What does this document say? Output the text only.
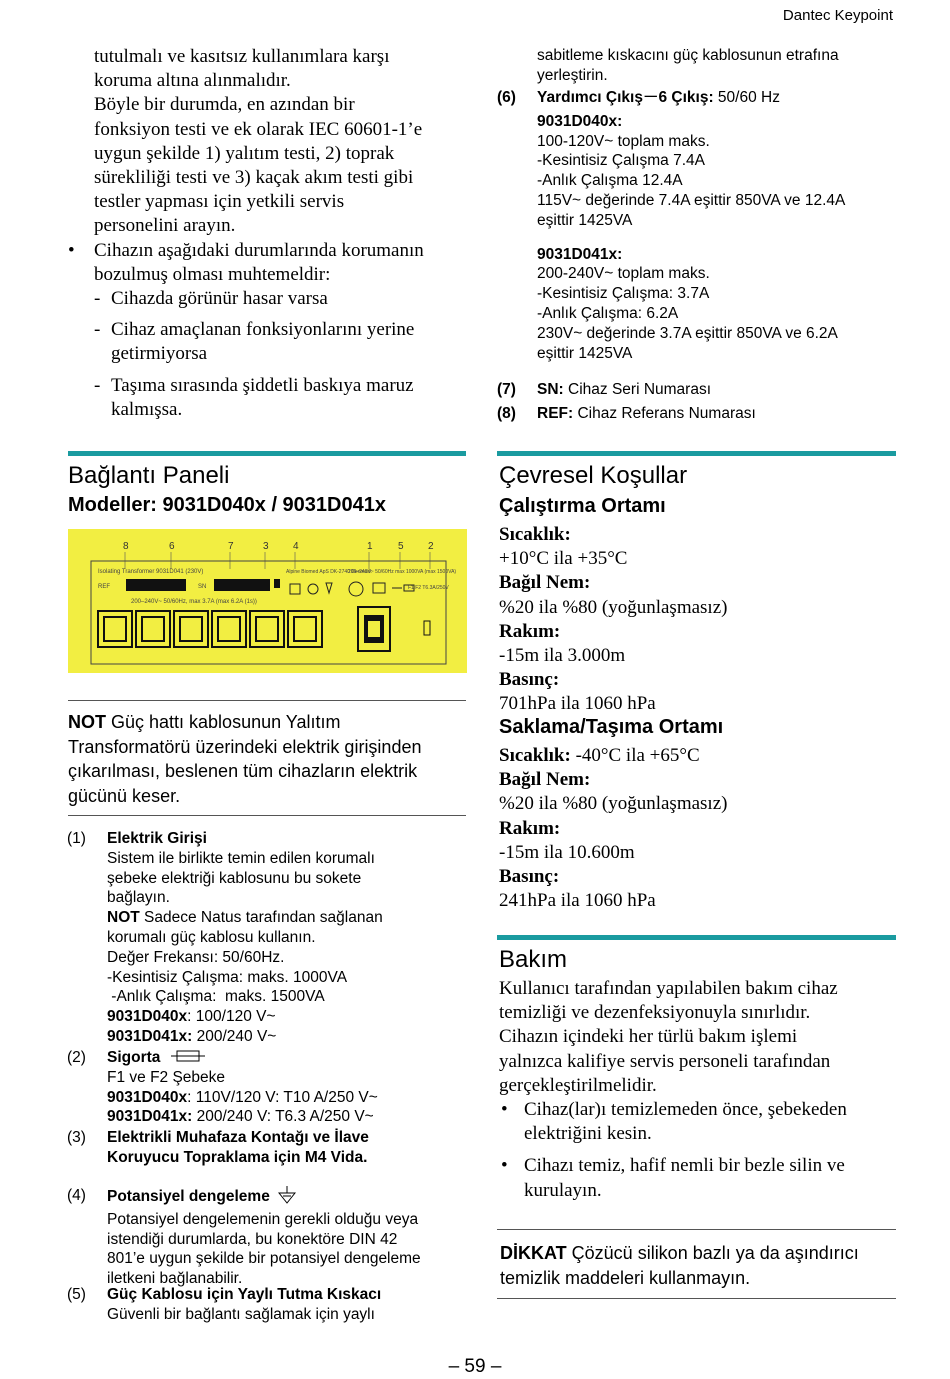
Dantec Keypoint
tutulmalı ve kasıtsız kullanımlara karşı
koruma altına alınmalıdır.
Böyle bir durumda, en azından bir
fonksiyon testi ve ek olarak IEC 60601-1’e
uygun şekilde 1) yalıtım testi, 2) toprak
sürekliliği testi ve 3) kaçak akım testi gibi
testler yapması için yetkili servis
personelini arayın.
• Cihazın aşağıdaki durumlarında korumanın
bozulmuş olması muhtemeldir:
- Cihazda görünür hasar varsa
- Cihaz amaçlanan fonksiyonlarını yerine
getirmiyorsa
- Taşıma sırasında şiddetli baskıya maruz
kalmışsa.
Bağlantı Paneli
Modeller: 9031D040x / 9031D041x
8	6	7	3 4	1	5 2
Isolating Transformer 9031D041 (230V)
REF	SN
Alpine Biomed ApS DK-2740 Denmark
200–240V~ 50/60Hz max 1000VA (max 1500VA)
F1 F2 T6.3A/250V
200–240V~ 50/60Hz, max 3.7A (max 6.2A (1s))
NOT Güç hattı kablosunun Yalıtım
Transformatörü üzerindeki elektrik girişinden
çıkarılması, beslenen tüm cihazların elektrik
gücünü keser.
(1) Elektrik Girişi
Sistem ile birlikte temin edilen korumalı
şebeke elektriği kablosunu bu sokete
bağlayın.
NOT Sadece Natus tarafından sağlanan
korumalı güç kablosu kullanın.
Değer Frekansı: 50/60Hz.
-Kesintisiz Çalışma: maks. 1000VA
-Anlık Çalışma:  maks. 1500VA
9031D040x: 100/120 V~
9031D041x: 200/240 V~
(2) Sigorta
F1 ve F2 Şebeke
9031D040x: 110V/120 V: T10 A/250 V~
9031D041x: 200/240 V: T6.3 A/250 V~
(3) Elektrikli Muhafaza Kontağı ve İlave
Koruyucu Topraklama için M4 Vida.
(4) Potansiyel dengeleme
Potansiyel dengelemenin gerekli olduğu veya
istendiği durumlarda, bu konektöre DIN 42
801’e uygun şekilde bir potansiyel dengeleme
iletkeni bağlanabilir.
(5) Güç Kablosu için Yaylı Tutma Kıskacı
Güvenli bir bağlantı sağlamak için yaylı
sabitleme kıskacını güç kablosunun etrafına
yerleştirin.
(6) Yardımcı Çıkış－6 Çıkış: 50/60 Hz
9031D040x:
100-120V~ toplam maks.
-Kesintisiz Çalışma 7.4A
-Anlık Çalışma 12.4A
115V~ değerinde 7.4A eşittir 850VA ve 12.4A
eşittir 1425VA
9031D041x:
200-240V~ toplam maks.
-Kesintisiz Çalışma: 3.7A
-Anlık Çalışma: 6.2A
230V~ değerinde 3.7A eşittir 850VA ve 6.2A
eşittir 1425VA
(7) SN: Cihaz Seri Numarası
(8) REF: Cihaz Referans Numarası
Çevresel Koşullar
Çalıştırma Ortamı
Sıcaklık:
+10°C ila +35°C
Bağıl Nem:
%20 ila %80 (yoğunlaşmasız)
Rakım:
-15m ila 3.000m
Basınç:
701hPa ila 1060 hPa
Saklama/Taşıma Ortamı
Sıcaklık: -40°C ila +65°C
Bağıl Nem:
%20 ila %80 (yoğunlaşmasız)
Rakım:
-15m ila 10.600m
Basınç:
241hPa ila 1060 hPa
Bakım
Kullanıcı tarafından yapılabilen bakım cihaz
temizliği ve dezenfeksiyonuyla sınırlıdır.
Cihazın içindeki her türlü bakım işlemi
yalnızca kalifiye servis personeli tarafından
gerçekleştirilmelidir.
• Cihaz(lar)ı temizlemeden önce, şebekeden
elektriğini kesin.
• Cihazı temiz, hafif nemli bir bezle silin ve
kurulayın.
DİKKAT Çözücü silikon bazlı ya da aşındırıcı
temizlik maddeleri kullanmayın.
– 59 –
